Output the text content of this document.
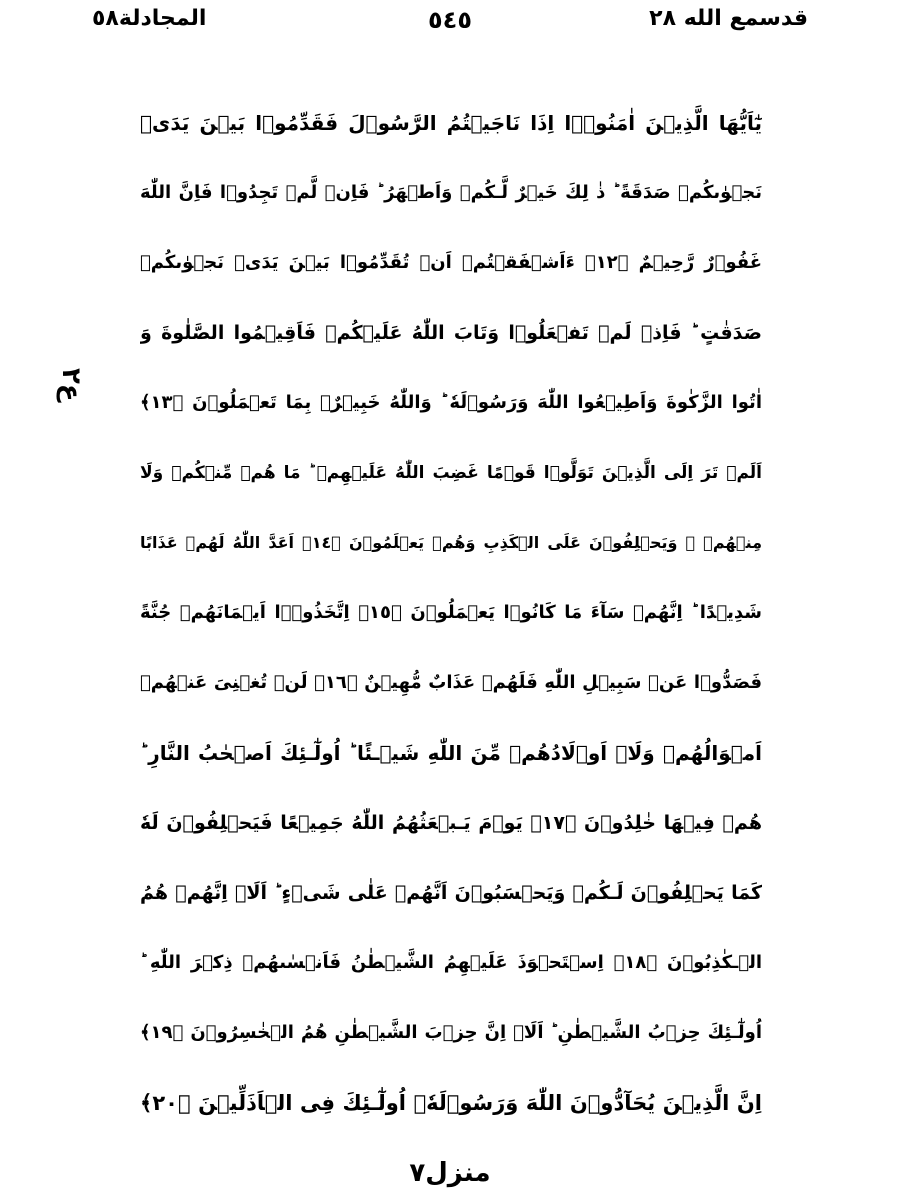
المجادلة٥٨	٥٤٥	قدسمع الله ٢٨
ع٢
يٰٓاَيُّهَا الَّذِيۡنَ اٰمَنُوۡۤا اِذَا نَاجَيۡتُمُ الرَّسُوۡلَ فَقَدِّمُوۡا بَيۡنَ يَدَىۡ
نَجۡوٰٮكُمۡ صَدَقَةً ؕ ذٰ لِكَ خَيۡرٌ لَّـكُمۡ وَاَطۡهَرُ ؕ فَاِنۡ لَّمۡ تَجِدُوۡا فَاِنَّ اللّٰهَ
غَفُوۡرٌ رَّحِيۡمٌ ﴿١٢﴾ ءَاَشۡفَقۡتُمۡ اَنۡ تُقَدِّمُوۡا بَيۡنَ يَدَىۡ نَجۡوٰٮكُمۡ
صَدَقٰتٍ ؕ فَاِذۡ لَمۡ تَفۡعَلُوۡا وَتَابَ اللّٰهُ عَلَيۡكُمۡ فَاَقِيۡمُوا الصَّلٰوةَ وَ
اٰتُوا الزَّكٰوةَ وَاَطِيۡعُوا اللّٰهَ وَرَسُوۡلَهٗ ؕ وَاللّٰهُ خَبِيۡرٌۢ بِمَا تَعۡمَلُوۡنَ ﴿١٣﴾
اَلَمۡ تَرَ اِلَى الَّذِيۡنَ تَوَلَّوۡا قَوۡمًا غَضِبَ اللّٰهُ عَلَيۡهِمۡ ؕ مَا هُمۡ مِّنۡكُمۡ وَلَا
مِنۡهُمۡ ۙ وَيَحۡلِفُوۡنَ عَلَى الۡكَذِبِ وَهُمۡ يَعۡلَمُوۡنَ ﴿١٤﴾ اَعَدَّ اللّٰهُ لَهُمۡ عَذَابًا
شَدِيۡدًا ؕ اِنَّهُمۡ سَآءَ مَا كَانُوۡا يَعۡمَلُوۡنَ ﴿١٥﴾ اِتَّخَذُوۡۤا اَيۡمَانَهُمۡ جُنَّةً
فَصَدُّوۡا عَنۡ سَبِيۡلِ اللّٰهِ فَلَهُمۡ عَذَابٌ مُّهِيۡنٌ ﴿١٦﴾ لَنۡ تُغۡنِىَ عَنۡهُمۡ
اَمۡوَالُهُمۡ وَلَاۤ اَوۡلَادُهُمۡ مِّنَ اللّٰهِ شَيۡـئًا ؕ اُولٰٓـئِكَ اَصۡحٰبُ النَّارِ ؕ
هُمۡ فِيۡهَا خٰلِدُوۡنَ ﴿١٧﴾ يَوۡمَ يَـبۡعَثُهُمُ اللّٰهُ جَمِيۡعًا فَيَحۡلِفُوۡنَ لَهٗ
كَمَا يَحۡلِفُوۡنَ لَـكُمۡ وَيَحۡسَبُوۡنَ اَنَّهُمۡ عَلٰى شَىۡءٍ ؕ اَلَاۤ اِنَّهُمۡ هُمُ
الۡـكٰذِبُوۡنَ ﴿١٨﴾ اِسۡتَحۡوَذَ عَلَيۡهِمُ الشَّيۡطٰنُ فَاَنۡسٰٮهُمۡ ذِكۡرَ اللّٰهِ ؕ
اُولٰٓـئِكَ حِزۡبُ الشَّيۡطٰنِ ؕ اَلَاۤ اِنَّ حِزۡبَ الشَّيۡطٰنِ هُمُ الۡخٰسِرُوۡنَ ﴿١٩﴾
اِنَّ الَّذِيۡنَ يُحَآدُّوۡنَ اللّٰهَ وَرَسُوۡلَهٗۤ اُولٰٓـئِكَ فِى الۡاَذَلِّيۡنَ ﴿٢٠﴾
منزل٧
